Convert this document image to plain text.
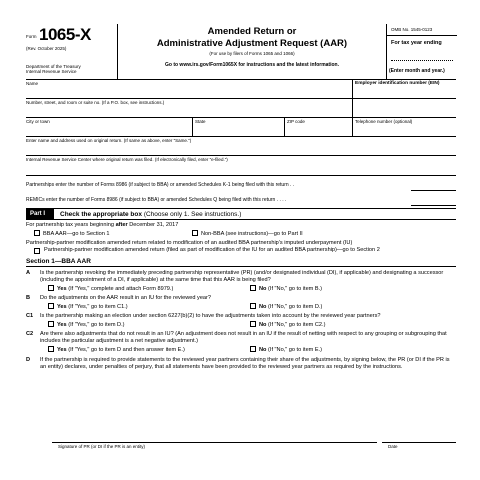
Form 1065-X
(Rev. October 2025)
Department of the Treasury
Internal Revenue Service
Amended Return or
Administrative Adjustment Request (AAR)
(For use by filers of Forms 1065 and 1066)
Go to www.irs.gov/Form1065X for instructions and the latest information.
OMB No. 1545-0123
For tax year ending
(Enter month and year.)
Name	Employer identification number (EIN)
Number, street, and room or suite no. (If a P.O. box, see instructions.)
City or town	State	ZIP code	Telephone number (optional)
Enter name and address used on original return. (If same as above, enter "Same.")
Internal Revenue Service Center where original return was filed. (If electronically filed, enter "e-filed.")
Partnerships enter the number of Forms 8986 (if subject to BBA) or amended Schedules K-1 being filed with this return . .
REMICs enter the number of Forms 8986 (if subject to BBA) or amended Schedules Q being filed with this return . . . .
Part I	Check the appropriate box (Choose only 1. See instructions.)
For partnership tax years beginning after December 31, 2017
BBA AAR—go to Section 1	Non-BBA (see instructions)—go to Part II
Partnership-partner modification amended return related to modification of an audited BBA partnership's imputed underpayment (IU)
Partnership-partner modification amended return (filed as part of modification of the IU for an audited BBA partnership)—go to Section 2
Section 1—BBA AAR
A Is the partnership revoking the immediately preceding partnership representative (PR) (and/or designated individual (DI), if applicable) and designating a successor (including the appointment of a DI, if applicable) at the same time that this AAR is being filed?
Yes (If "Yes," complete and attach Form 8979.)	No (If "No," go to item B.)
B Do the adjustments on the AAR result in an IU for the reviewed year?
Yes (If "Yes," go to item C1.)	No (If "No," go to item D.)
C1 Is the partnership making an election under section 6227(b)(2) to have the adjustments taken into account by the reviewed year partners?
Yes (If "Yes," go to item D.)	No (If "No," go to item C2.)
C2 Are there also adjustments that do not result in an IU? (An adjustment does not result in an IU if the result of netting with respect to any grouping or subgrouping that includes the particular adjustment is a net negative adjustment.)
Yes (If "Yes," go to item D and then answer item E.)	No (If "No," go to item E.)
D If the partnership is required to provide statements to the reviewed year partners containing their share of the adjustments, by signing below, the PR (or DI if the PR is an entity) declares, under penalties of perjury, that all statements have been provided to the reviewed year partners as required by the instructions.
Signature of PR (or DI if the PR is an entity)	Date
